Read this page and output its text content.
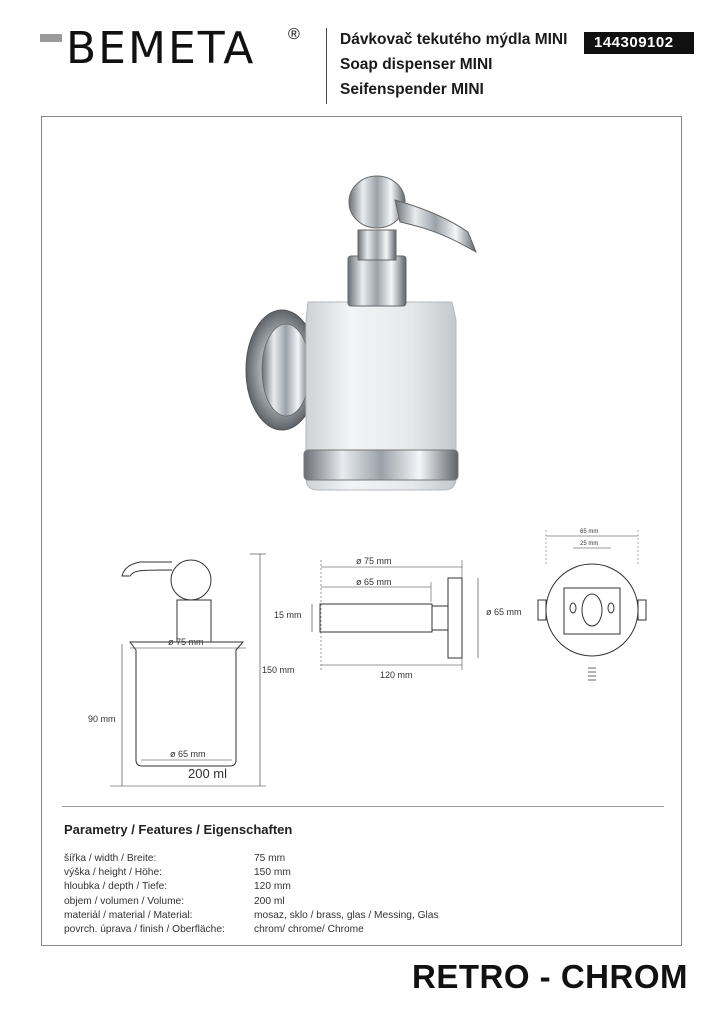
BEMETA ®	Dávkovač tekutého mýdla MINI
Soap dispenser MINI
Seifenspender MINI
144309102
ø 75 mm
ø 65 mm
200 ml
90 mm
150 mm
ø 75 mm
ø 65 mm
15 mm	ø 65 mm
120 mm
65 mm
25 mm
Parametry / Features / Eigenschaften
šířka / width / Breite:	75 mm
výška / height / Höhe:	150 mm
hloubka / depth / Tiefe:	120 mm
objem / volumen / Volume:	200 ml
materiál / material / Material:	mosaz, sklo / brass, glas / Messing, Glas
povrch. úprava / finish / Oberfläche:	chrom/ chrome/ Chrome
RETRO - CHROM
